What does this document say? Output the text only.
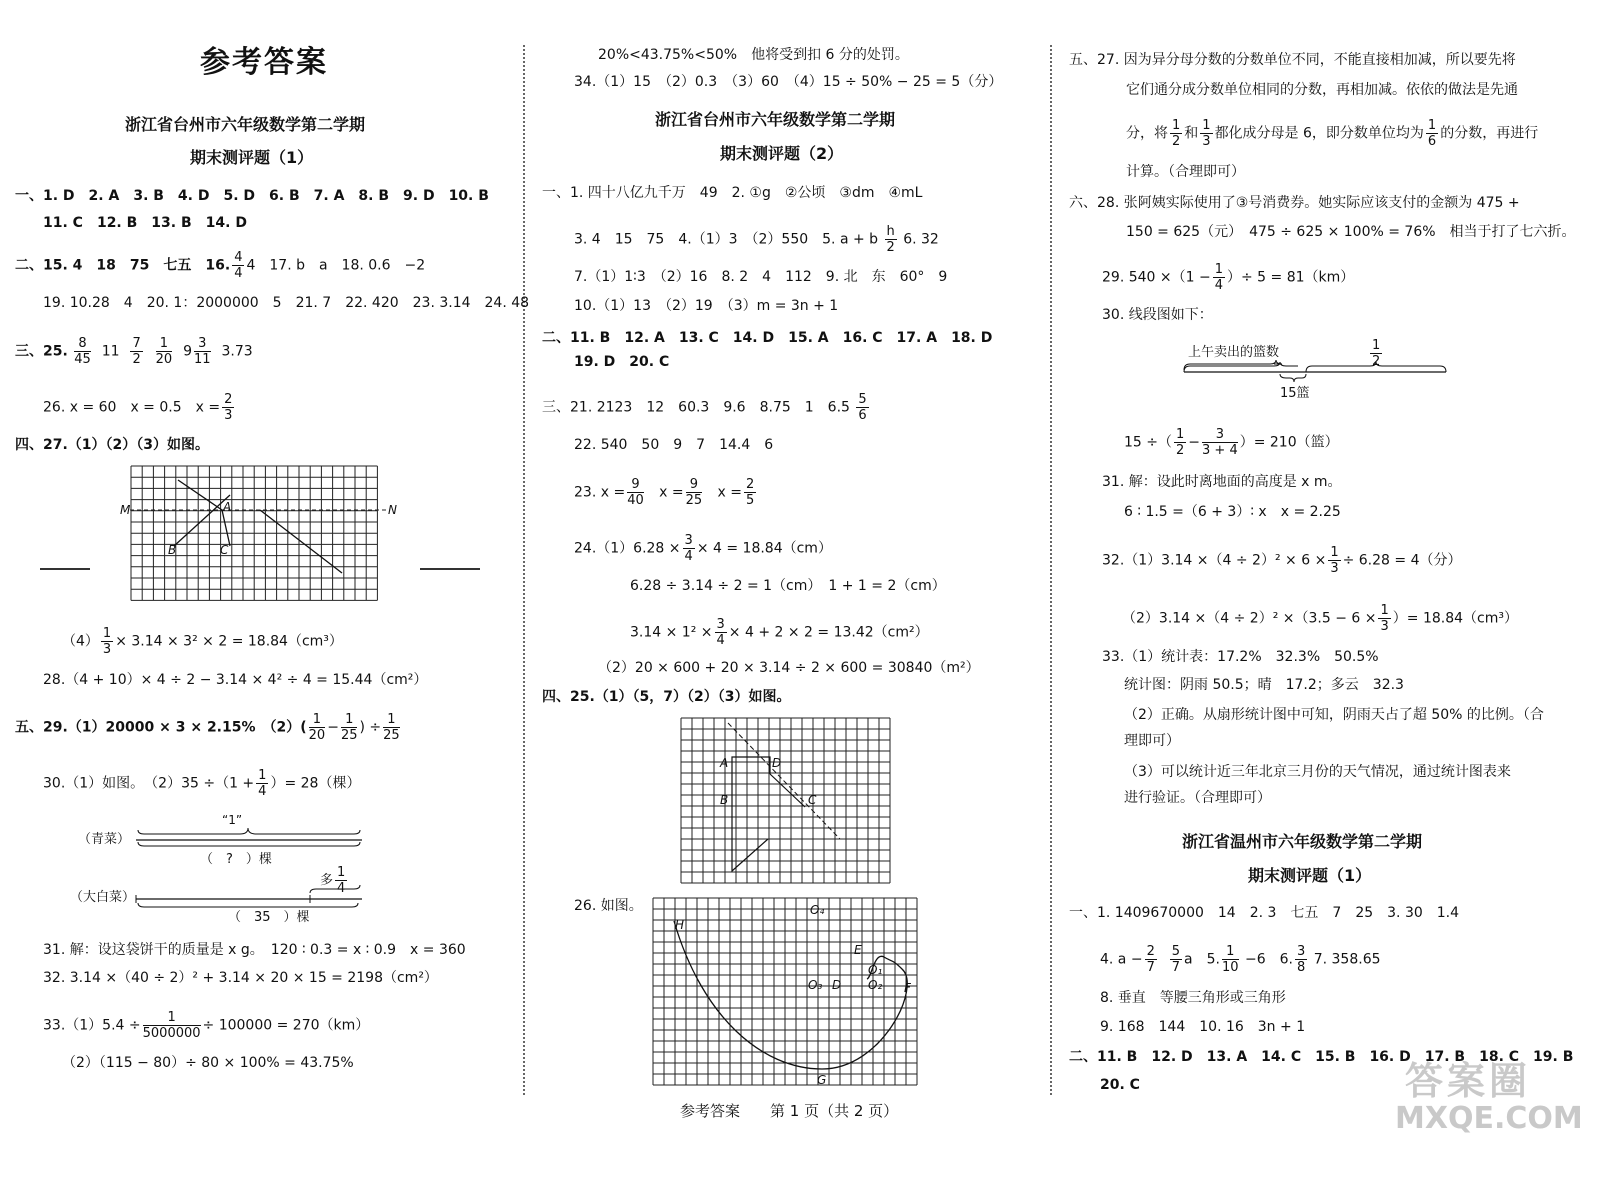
参考答案
浙江省台州市六年级数学第二学期
期末测评题（1）
一、1. D　2. A　3. B　4. D　5. D　6. B　7. A　8. B　9. D　10. B
11. C　12. B　13. B　14. D
二、15. 4　18　75　七五　16. $\frac{4}{4} 4$　17. b　a　18. 0.6　−2
19. 10.28　4　20. 1：2000000　5　21. 7　22. 420　23. 3.14　24. 48
三、25. $\frac{8}{45} 11 \frac{7}{2}$
$\frac{1}{20} 9 \frac{3}{11} 3.73$
26. x = 60　x = 0.5　$x = \frac{2}{3}$
四、27.（1）（2）（3）如图。
M	N
A
B	C
$(4) \frac{1}{3} \times 3.14 \times 3^2 \times 2 = 18.84(cm^3)$
28.（4 + 10）× 4 ÷ 2 − 3.14 × 4² ÷ 4 = 15.44（cm²）
五、29.（1）20000 × 3 × 2.15%　$(2)( \frac{1}{20} - \frac{1}{25}$ ) ÷ $\frac{1}{25}$
30.（1）如图。　$(2)35 \div(1 + \frac{1}{4}$ ）= 28（棵）
（青菜）
“1”
（　?　）棵
（大白菜）
多 $\frac{1}{4}$
（　35　）棵
31. 解：设这袋饼干的质量是 x g。　120 ∶ 0.3 = x ∶ 0.9　x = 360
32. 3.14 ×（40 ÷ 2）² + 3.14 × 20 × 15 = 2198（cm²）
$33.(1)5.4 \div \frac{1}{5000000} \div 100000 = 270(km)$
（2）（115 − 80）÷ 80 × 100% = 43.75%
20%<43.75%<50%　他将受到扣 6 分的处罚。
34.（1）15　（2）0.3　（3）60　（4）15 ÷ 50% − 25 = 5（分）
浙江省台州市六年级数学第二学期
期末测评题（2）
一、1. 四十八亿九千万　49　2. ①g　②公顷　③dm　④mL
3. 4　15　75　4.（1）3　（2）550　5. a + b $\frac{h}{2} 6$. 32
7.（1）1∶3　（2）16　8. 2　4　112　9. 北　东　60°　9
10.（1）13　（2）19　（3）m = 3n + 1
二、11. B　12. A　13. C　14. D　15. A　16. C　17. A　18. D
19. D　20. C
三、21. 2123　12　60.3　9.6　8.75　1　$6.5 \frac{5}{6}$
22. 540　50　9　7　14.4　6
23. $x = \frac{9}{40}$ $x = \frac{9}{25}$ $x = \frac{2}{5}$
$24.(1)6.28 \times \frac{3}{4} \times 4 = 18.84(cm)$
6.28 ÷ 3.14 ÷ 2 = 1（cm）　1 + 1 = 2（cm）
$3.14 \times 1^2 \times \frac{3}{4} \times 4 + 2 \times 2 = 13.42(cm^2)$
（2）20 × 600 + 20 × 3.14 ÷ 2 × 600 = 30840（m²）
四、25.（1）（5，7）（2）（3）如图。
A	D
B	C
26. 如图。
H
O₄
E
O₁
O₃ D O₂ F
G
五、27. 因为异分母分数的分数单位不同，不能直接相加减，所以要先将
它们通分成分数单位相同的分数，再相加减。依依的做法是先通
分，将 $\frac{1}{2}$ 和 $\frac{1}{3}$ 都化成分母是 6，即分数单位均为 $\frac{1}{6}$ 的分数，再进行
计算。（合理即可）
六、28. 张阿姨实际使用了③号消费券。她实际应该支付的金额为 475 +
150 = 625（元）　475 ÷ 625 × 100% = 76%　相当于打了七六折。
29. $540 \times(1 - \frac{1}{4}$ ）÷ 5 = 81（km）
30. 线段图如下：
上午卖出的篮数	$\frac{1}{2}$
15篮
15 ÷（ $\frac{1}{2} - \frac{3}{3 + 4}$ ）= 210（篮）
31. 解：设此时离地面的高度是 x m。
6 ∶ 1.5 =（6 + 3）∶ x　x = 2.25
$32.(1)3.14 \times(4 \div 2)^2 \times 6 \times \frac{1}{3} \div 6.28 = 4$（分）
$(2)3.14 \times(4 \div 2)^2 \times(3.5 - 6 \times \frac{1}{3}$ ）= 18.84（cm³）
33.（1）统计表：17.2%　32.3%　50.5%
统计图：阴雨 50.5；晴　17.2；多云　32.3
（2）正确。从扇形统计图中可知，阴雨天占了超 50% 的比例。（合
理即可）
（3）可以统计近三年北京三月份的天气情况，通过统计图表来
进行验证。（合理即可）
浙江省温州市六年级数学第二学期
期末测评题（1）
一、1. 1409670000　14　2. 3　七五　7　25　3. 30　1.4
4. $a - \frac{2}{7}$
$\frac{5}{7}$ a　5. $\frac{1}{10} -6$　6. $\frac{3}{8} 7$. 358.65
8. 垂直　等腰三角形或三角形
9. 168　144　10. 16　3n + 1
二、11. B　12. D　13. A　14. C　15. B　16. D　17. B　18. C　19. B
20. C
参考答案　　第 1 页（共 2 页）
答案圈
MXQE.COM
